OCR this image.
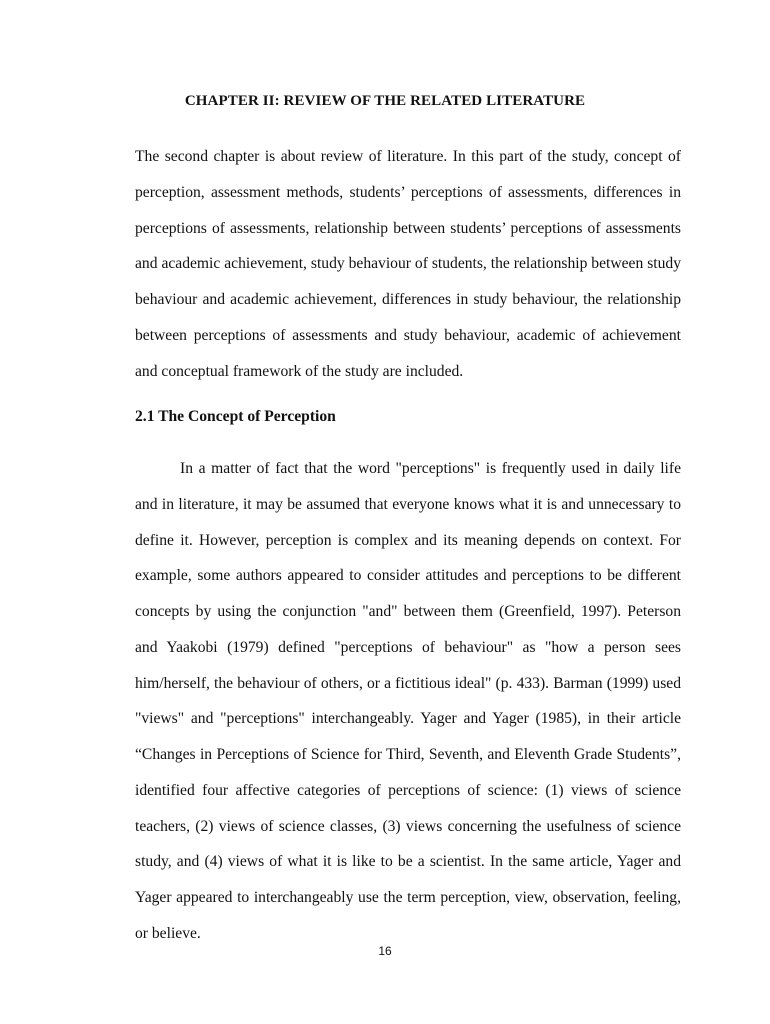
CHAPTER II: REVIEW OF THE RELATED LITERATURE

The second chapter is about review of literature. In this part of the study, concept of perception, assessment methods, students’ perceptions of assessments, differences in perceptions of assessments, relationship between students’ perceptions of assessments and academic achievement, study behaviour of students, the relationship between study behaviour and academic achievement, differences in study behaviour, the relationship between perceptions of assessments and study behaviour, academic of achievement and conceptual framework of the study are included.

2.1 The Concept of Perception

In a matter of fact that the word "perceptions" is frequently used in daily life and in literature, it may be assumed that everyone knows what it is and unnecessary to define it. However, perception is complex and its meaning depends on context. For example, some authors appeared to consider attitudes and perceptions to be different concepts by using the conjunction "and" between them (Greenfield, 1997). Peterson and Yaakobi (1979) defined "perceptions of behaviour" as "how a person sees him/herself, the behaviour of others, or a fictitious ideal" (p. 433). Barman (1999) used "views" and "perceptions" interchangeably. Yager and Yager (1985), in their article “Changes in Perceptions of Science for Third, Seventh, and Eleventh Grade Students”, identified four affective categories of perceptions of science: (1) views of science teachers, (2) views of science classes, (3) views concerning the usefulness of science study, and (4) views of what it is like to be a scientist. In the same article, Yager and Yager appeared to interchangeably use the term perception, view, observation, feeling, or believe.

16
